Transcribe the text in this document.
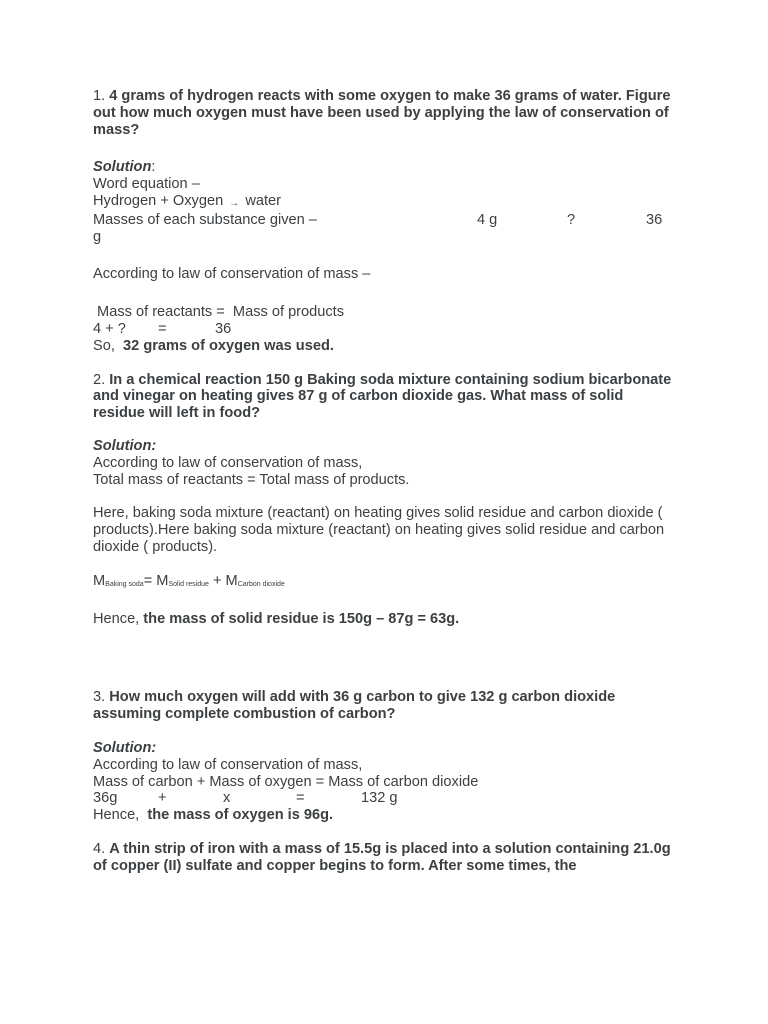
1. 4 grams of hydrogen reacts with some oxygen to make 36 grams of water. Figure out how much oxygen must have been used by applying the law of conservation of mass?

Solution:
Word equation –
Hydrogen + Oxygen → water
Masses of each substance given –	4 g	?	36
g

According to law of conservation of mass –

Mass of reactants =  Mass of products
4 + ? =	36
So,  32 grams of oxygen was used.

2. In a chemical reaction 150 g Baking soda mixture containing sodium bicarbonate and vinegar on heating gives 87 g of carbon dioxide gas. What mass of solid residue will left in food?

Solution:
According to law of conservation of mass,
Total mass of reactants = Total mass of products.

Here, baking soda mixture (reactant) on heating gives solid residue and carbon dioxide ( products).Here baking soda mixture (reactant) on heating gives solid residue and carbon dioxide ( products).

$M_{Baking soda}= M_{Solid residue} + M_{Carbon dioxide}$

Hence, the mass of solid residue is 150g – 87g = 63g.

3. How much oxygen will add with 36 g carbon to give 132 g carbon dioxide assuming complete combustion of carbon?

Solution:
According to law of conservation of mass,
Mass of carbon + Mass of oxygen = Mass of carbon dioxide
36g	+	x	=	132 g
Hence,  the mass of oxygen is 96g.

4. A thin strip of iron with a mass of 15.5g is placed into a solution containing 21.0g of copper (II) sulfate and copper begins to form. After some times, the
